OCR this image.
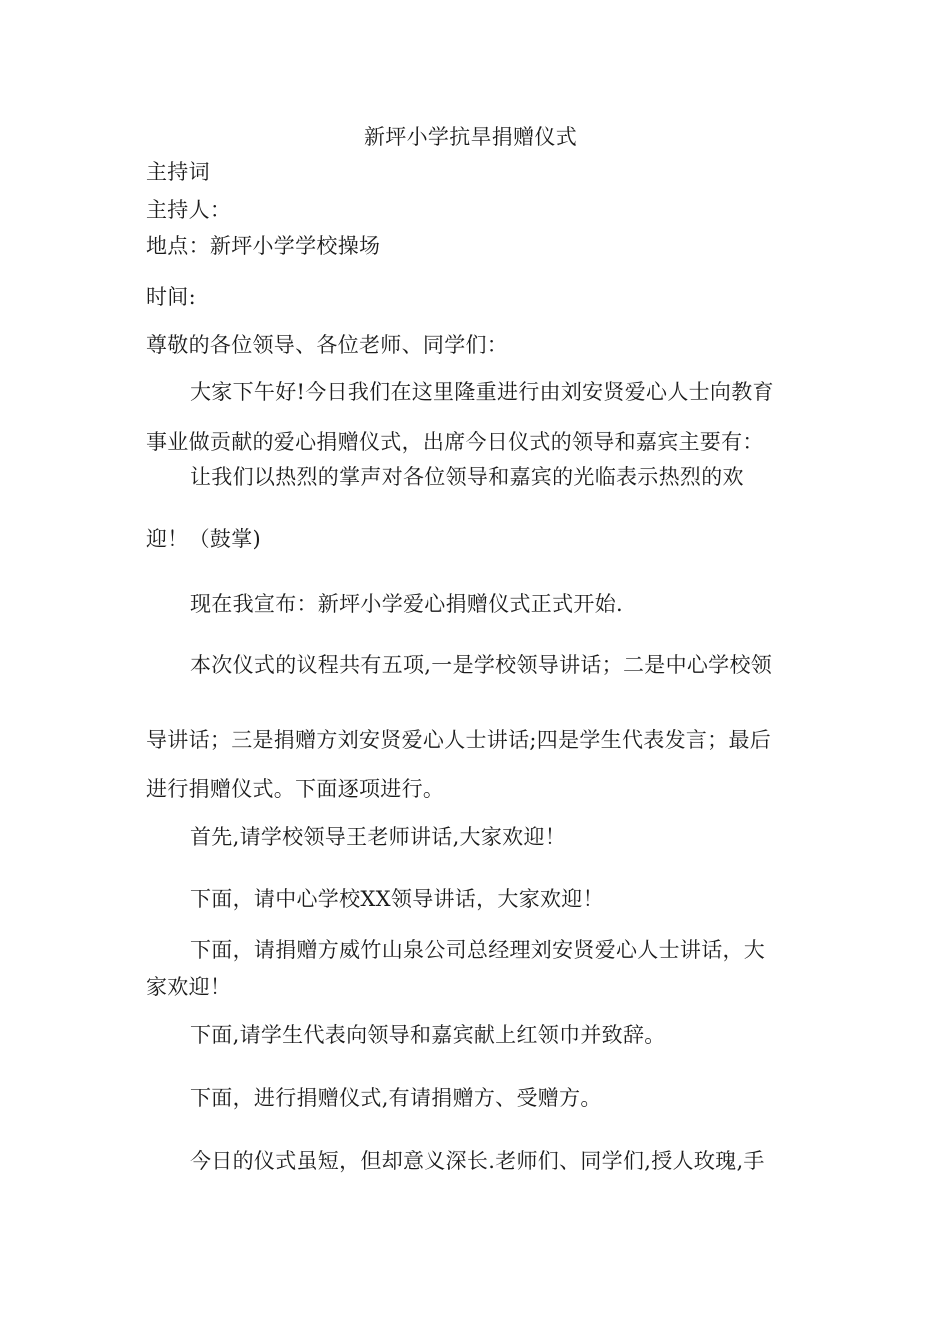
新坪小学抗旱捐赠仪式
主持词
主持人：
地点：新坪小学学校操场
时间:
尊敬的各位领导、各位老师、同学们：
大家下午好!今日我们在这里隆重进行由刘安贤爱心人士向教育
事业做贡献的爱心捐赠仪式，出席今日仪式的领导和嘉宾主要有：
让我们以热烈的掌声对各位领导和嘉宾的光临表示热烈的欢
迎！（鼓掌)
现在我宣布：新坪小学爱心捐赠仪式正式开始.
本次仪式的议程共有五项,一是学校领导讲话；二是中心学校领
导讲话；三是捐赠方刘安贤爱心人士讲话;四是学生代表发言；最后
进行捐赠仪式。下面逐项进行。
首先,请学校领导王老师讲话,大家欢迎！
下面，请中心学校XX领导讲话，大家欢迎！
下面，请捐赠方威竹山泉公司总经理刘安贤爱心人士讲话，大
家欢迎！
下面,请学生代表向领导和嘉宾献上红领巾并致辞。
下面，进行捐赠仪式,有请捐赠方、受赠方。
今日的仪式虽短，但却意义深长.老师们、同学们,授人玫瑰,手
